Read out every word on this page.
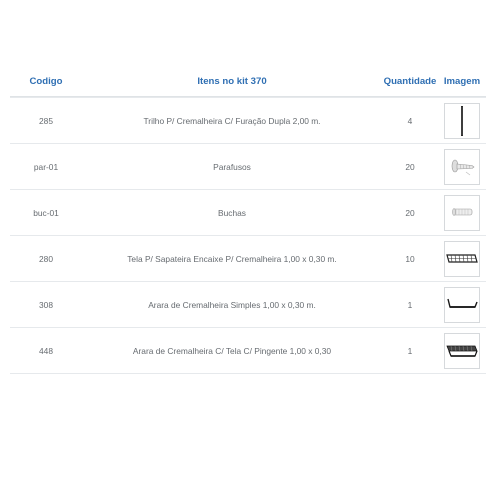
Codigo	Itens no kit 370	Quantidade Imagem
285	Trilho P/ Cremalheira C/ Furação Dupla 2,00 m.	4
par-01	Parafusos	20
buc-01	Buchas	20
280	Tela P/ Sapateira Encaixe P/ Cremalheira 1,00 x 0,30 m.	10
308	Arara de Cremalheira Simples 1,00 x 0,30 m.	1
448	Arara de Cremalheira C/ Tela C/ Pingente 1,00 x 0,30	1
